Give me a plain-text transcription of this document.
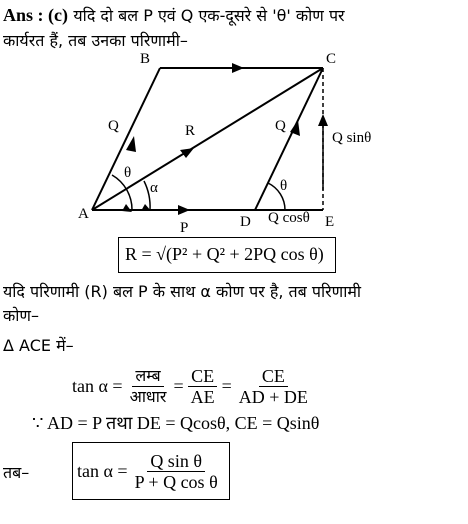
Ans : (c) यदि दो बल P एवं Q एक-दूसरे से 'θ' कोण पर
कार्यरत हैं, तब उनका परिणामी–
B	C
A	D	E
P
Q	Q
R
θ
α	θ
Q sinθ
Q cosθ
R = √(P² + Q² + 2PQ cos θ)
यदि परिणामी (R) बल P के साथ α कोण पर है, तब परिणामी
कोण–
Δ ACE में–
$\tan \alpha = \frac{\text{लम्ब}}{\text{आधार}} = \frac{CE}{AE} = \frac{CE}{AD + DE}$
∵ AD = P तथा DE = Qcosθ, CE = Qsinθ
तब–	$\tan \alpha = \frac{\text{Q sin θ}}{\text{P + Q cos θ}}$
